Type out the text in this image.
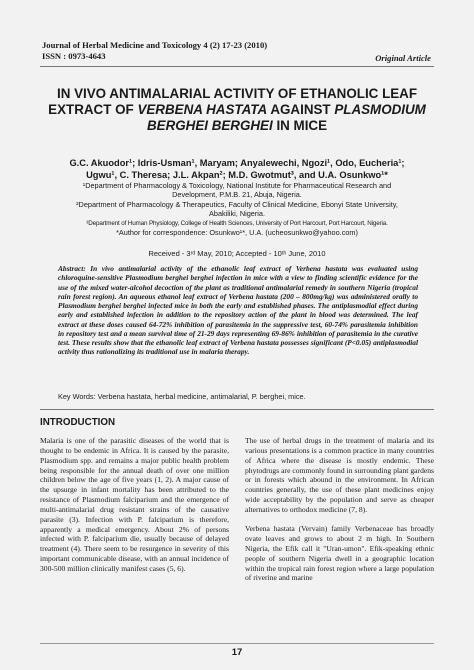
Journal of Herbal Medicine and Toxicology 4 (2) 17-23 (2010)
ISSN : 0973-4643	Original Article
IN VIVO ANTIMALARIAL ACTIVITY OF ETHANOLIC LEAF
EXTRACT OF VERBENA HASTATA AGAINST PLASMODIUM
BERGHEI BERGHEI IN MICE
G.C. Akuodor¹; Idris-Usman¹, Maryam; Anyalewechi, Ngozi¹, Odo, Eucheria¹;
Ugwu¹, C. Theresa; J.L. Akpan²; M.D. Gwotmut³, and U.A. Osunkwo¹*

¹Department of Pharmacology & Toxicology, National Institute for Pharmaceutical Research and

Development, P.M.B. 21, Abuja, Nigeria.

²Department of Pharmacology & Therapeutics, Faculty of Clinical Medicine, Ebonyi State University,

Abakiliki, Nigeria.

³Department of Human Physiology, College of Health Sciences, University of Port Harcourt, Port Harcourt, Nigeria.

*Author for correspondence: Osunkwo¹*, U.A. (ucheosunkwo@yahoo.com)

Received - 3ʳᵈ May, 2010; Accepted - 10ᵗʰ June, 2010
Abstract: In vivo antimalarial activity of the ethanolic leaf extract of Verbena hastata was evaluated using chloroquine-sensitive Plasmodium berghei berghei infection in mice with a view to finding scientific evidence for the use of the mixed water-alcohol decoction of the plant as traditional antimalarial remedy in southern Nigeria (tropical rain forest region). An aqueous ethanol leaf extract of Verbena hastata (200 – 800mg/kg) was administered orally to Plasmodium berghei berghei infected mice in both the early and established phases. The antiplasmodial effect during early and established infection in addition to the repository action of the plant in blood was determined. The leaf extract at these doses caused 64-72% inhibition of parasitemia in the suppressive test, 60-74% parasitemia inhibition in repository test and a mean survival time of 21-29 days representing 69-86% inhibition of parasitemia in the curative test. These results show that the ethanolic leaf extract of Verbena hastata possesses significant (P<0.05) antiplasmodial activity thus rationalizing its traditional use in malaria therapy.
Key Words: Verbena hastata, herbal medicine, antimalarial, P. berghei, mice.
INTRODUCTION

Malaria is one of the parasitic diseases of the world that is thought to be endemic in Africa. It is caused by the parasite, Plasmodium spp. and remains a major public health problem being responsible for the annual death of over one million children below the age of five years (1, 2). A major cause of the upsurge in infant mortality has been attributed to the resistance of Plasmodium falciparium and the emergence of multi-antimalarial drug resistant strains of the causative parasite (3). Infection with P. falciparium is therefore, apparently a medical emergency. About 2% of persons infected with P. falciparium die, usually because of delayed treatment (4). There seem to be resurgence in severity of this important communicable disease, with an annual incidence of 300-500 million clinically manifest cases (5, 6).

The use of herbal drugs in the treatment of malaria and its various presentations is a common practice in many countries of Africa where the disease is mostly endemic. These phytodrugs are commonly found in surrounding plant gardens or in forests which abound in the environment. In African countries generally, the use of these plant medicines enjoy wide acceptability by the population and serve as cheaper alternatives to orthodox medicine (7, 8).

Verbena hastata (Vervain) family Verbenaceae has broadly ovate leaves and grows to about 2 m high. In Southern Nigeria, the Efik call it "Uran-umon". Efik-speaking ethnic people of southern Nigeria dwell in a geographic location within the tropical rain forest region where a large population of riverine and marine

17
